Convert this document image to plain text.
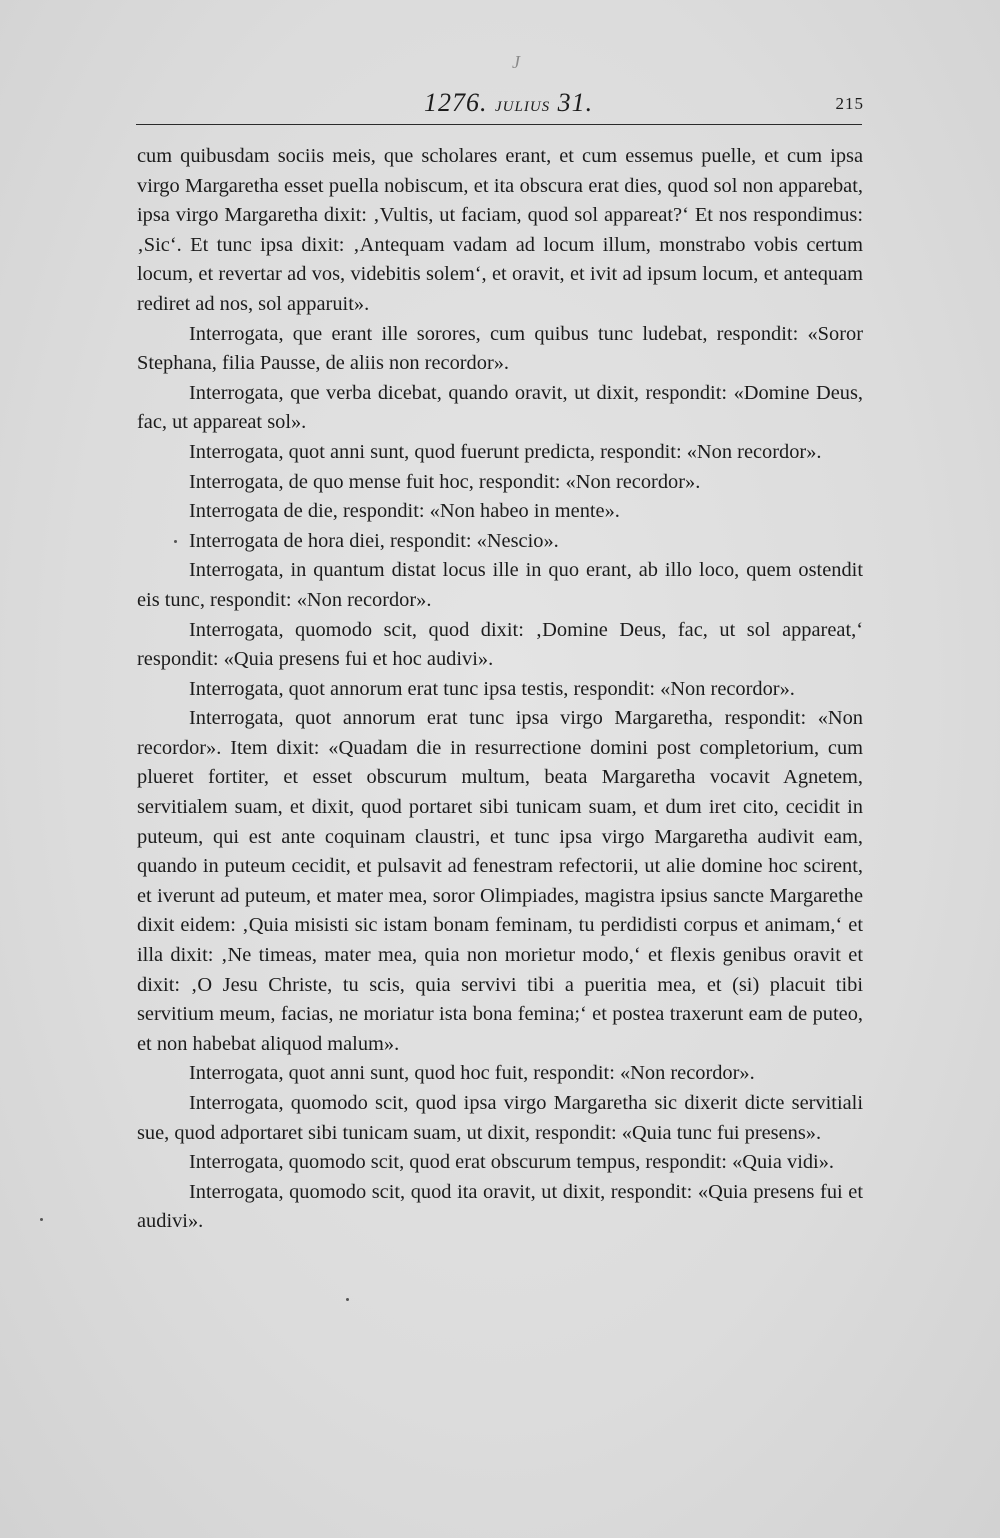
J
1276. JULIUS 31.	215

cum quibusdam sociis meis, que scholares erant, et cum essemus puelle, et cum ipsa virgo Margaretha esset puella nobiscum, et ita obscura erat dies, quod sol non apparebat, ipsa virgo Margaretha dixit: ‚Vultis, ut faciam, quod sol appareat?‘ Et nos respondimus: ‚Sic‘. Et tunc ipsa dixit: ‚Antequam vadam ad locum illum, monstrabo vobis certum locum, et revertar ad vos, videbitis solem‘, et oravit, et ivit ad ipsum locum, et antequam rediret ad nos, sol apparuit».

Interrogata, que erant ille sorores, cum quibus tunc ludebat, respondit: «Soror Stephana, filia Pausse, de aliis non recordor».

Interrogata, que verba dicebat, quando oravit, ut dixit, respondit: «Domine Deus, fac, ut appareat sol».

Interrogata, quot anni sunt, quod fuerunt predicta, respondit: «Non recordor».

Interrogata, de quo mense fuit hoc, respondit: «Non recordor».

Interrogata de die, respondit: «Non habeo in mente».

Interrogata de hora diei, respondit: «Nescio».

Interrogata, in quantum distat locus ille in quo erant, ab illo loco, quem ostendit eis tunc, respondit: «Non recordor».

Interrogata, quomodo scit, quod dixit: ‚Domine Deus, fac, ut sol appareat,‘ respondit: «Quia presens fui et hoc audivi».

Interrogata, quot annorum erat tunc ipsa testis, respondit: «Non recordor».

Interrogata, quot annorum erat tunc ipsa virgo Margaretha, respondit: «Non recordor». Item dixit: «Quadam die in resurrectione domini post completorium, cum plueret fortiter, et esset obscurum multum, beata Margaretha vocavit Agnetem, servitialem suam, et dixit, quod portaret sibi tunicam suam, et dum iret cito, cecidit in puteum, qui est ante coquinam claustri, et tunc ipsa virgo Margaretha audivit eam, quando in puteum cecidit, et pulsavit ad fenestram refectorii, ut alie domine hoc scirent, et iverunt ad puteum, et mater mea, soror Olimpiades, magistra ipsius sancte Margarethe dixit eidem: ‚Quia misisti sic istam bonam feminam, tu perdidisti corpus et animam,‘ et illa dixit: ‚Ne timeas, mater mea, quia non morietur modo,‘ et flexis genibus oravit et dixit: ‚O Jesu Christe, tu scis, quia servivi tibi a pueritia mea, et (si) placuit tibi servitium meum, facias, ne moriatur ista bona femina;‘ et postea traxerunt eam de puteo, et non habebat aliquod malum».

Interrogata, quot anni sunt, quod hoc fuit, respondit: «Non recordor».

Interrogata, quomodo scit, quod ipsa virgo Margaretha sic dixerit dicte servitiali sue, quod adportaret sibi tunicam suam, ut dixit, respondit: «Quia tunc fui presens».

Interrogata, quomodo scit, quod erat obscurum tempus, respondit: «Quia vidi».

Interrogata, quomodo scit, quod ita oravit, ut dixit, respondit: «Quia presens fui et audivi».
